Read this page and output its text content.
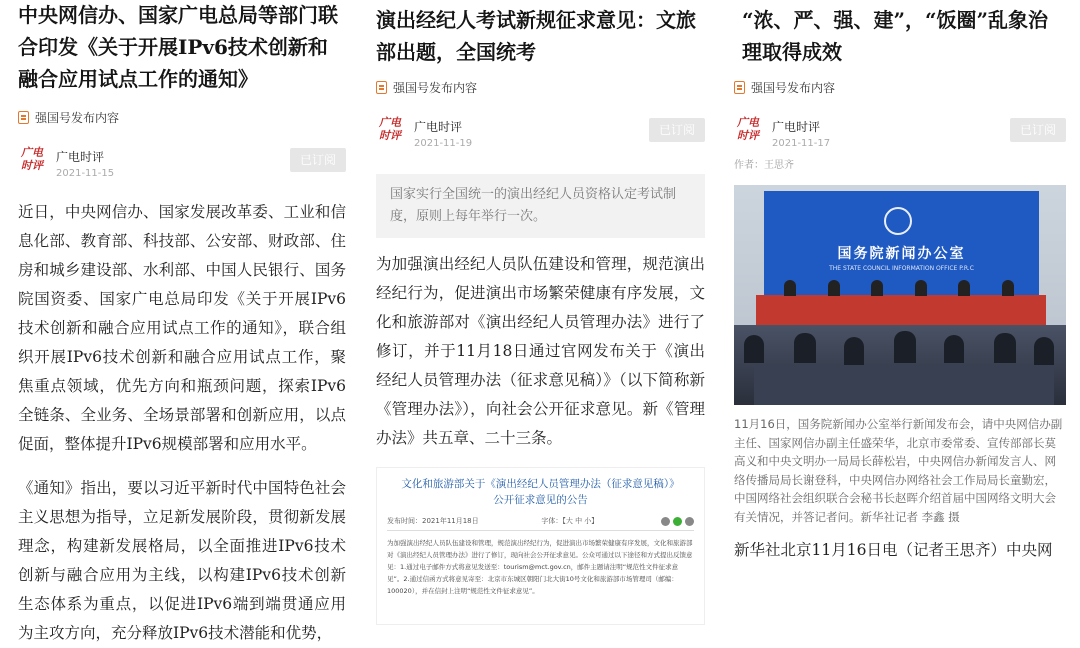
中央网信办、国家广电总局等部门联合印发《关于开展IPv6技术创新和融合应用试点工作的通知》
强国号发布内容
广电时评
广电时评
2021-11-15
已订阅

近日，中央网信办、国家发展改革委、工业和信息化部、教育部、科技部、公安部、财政部、住房和城乡建设部、水利部、中国人民银行、国务院国资委、国家广电总局印发《关于开展IPv6技术创新和融合应用试点工作的通知》，联合组织开展IPv6技术创新和融合应用试点工作，聚焦重点领域，优先方向和瓶颈问题，探索IPv6全链条、全业务、全场景部署和创新应用，以点促面，整体提升IPv6规模部署和应用水平。

《通知》指出，要以习近平新时代中国特色社会主义思想为指导，立足新发展阶段，贯彻新发展理念，构建新发展格局，以全面推进IPv6技术创新与融合应用为主线，以构建IPv6技术创新生态体系为重点，以促进IPv6端到端贯通应用为主攻方向，充分释放IPv6技术潜能和优势，

演出经纪人考试新规征求意见：文旅部出题，全国统考
强国号发布内容
广电时评
广电时评
2021-11-19
已订阅
国家实行全国统一的演出经纪人员资格认定考试制度，原则上每年举行一次。

为加强演出经纪人员队伍建设和管理，规范演出经纪行为，促进演出市场繁荣健康有序发展，文化和旅游部对《演出经纪人员管理办法》进行了修订，并于11月18日通过官网发布关于《演出经纪人员管理办法（征求意见稿）》（以下简称新《管理办法》），向社会公开征求意见。新《管理办法》共五章、二十三条。

文化和旅游部关于《演出经纪人员管理办法（征求意见稿）》
公开征求意见的公告
发布时间：2021年11月18日	字体：【大 中 小】
为加强演出经纪人员队伍建设和管理，规范演出经纪行为，促进演出市场繁荣健康有序发展，文化和旅游部对《演出经纪人员管理办法》进行了修订，现向社会公开征求意见。公众可通过以下途径和方式提出反馈意见：1.通过电子邮件方式将意见发送至：tourism@mct.gov.cn，邮件主题请注明“规范性文件征求意见”。2.通过信函方式将意见寄至：北京市东城区朝阳门北大街10号文化和旅游部市场管理司（邮编：100020），并在信封上注明“规范性文件征求意见”。
“浓、严、强、建”，“饭圈”乱象治理取得成效
强国号发布内容
广电时评
广电时评
2021-11-17
已订阅
作者：王思齐
国务院新闻办公室
THE STATE COUNCIL INFORMATION OFFICE P.R.C
11月16日，国务院新闻办公室举行新闻发布会，请中央网信办副主任、国家网信办副主任盛荣华，北京市委常委、宣传部部长莫高义和中央文明办一局局长薛松岩，中央网信办新闻发言人、网络传播局局长谢登科，中央网信办网络社会工作局局长童勤宏，中国网络社会组织联合会秘书长赵晖介绍首届中国网络文明大会有关情况，并答记者问。新华社记者 李鑫 摄

新华社北京11月16日电（记者王思齐）中央网
